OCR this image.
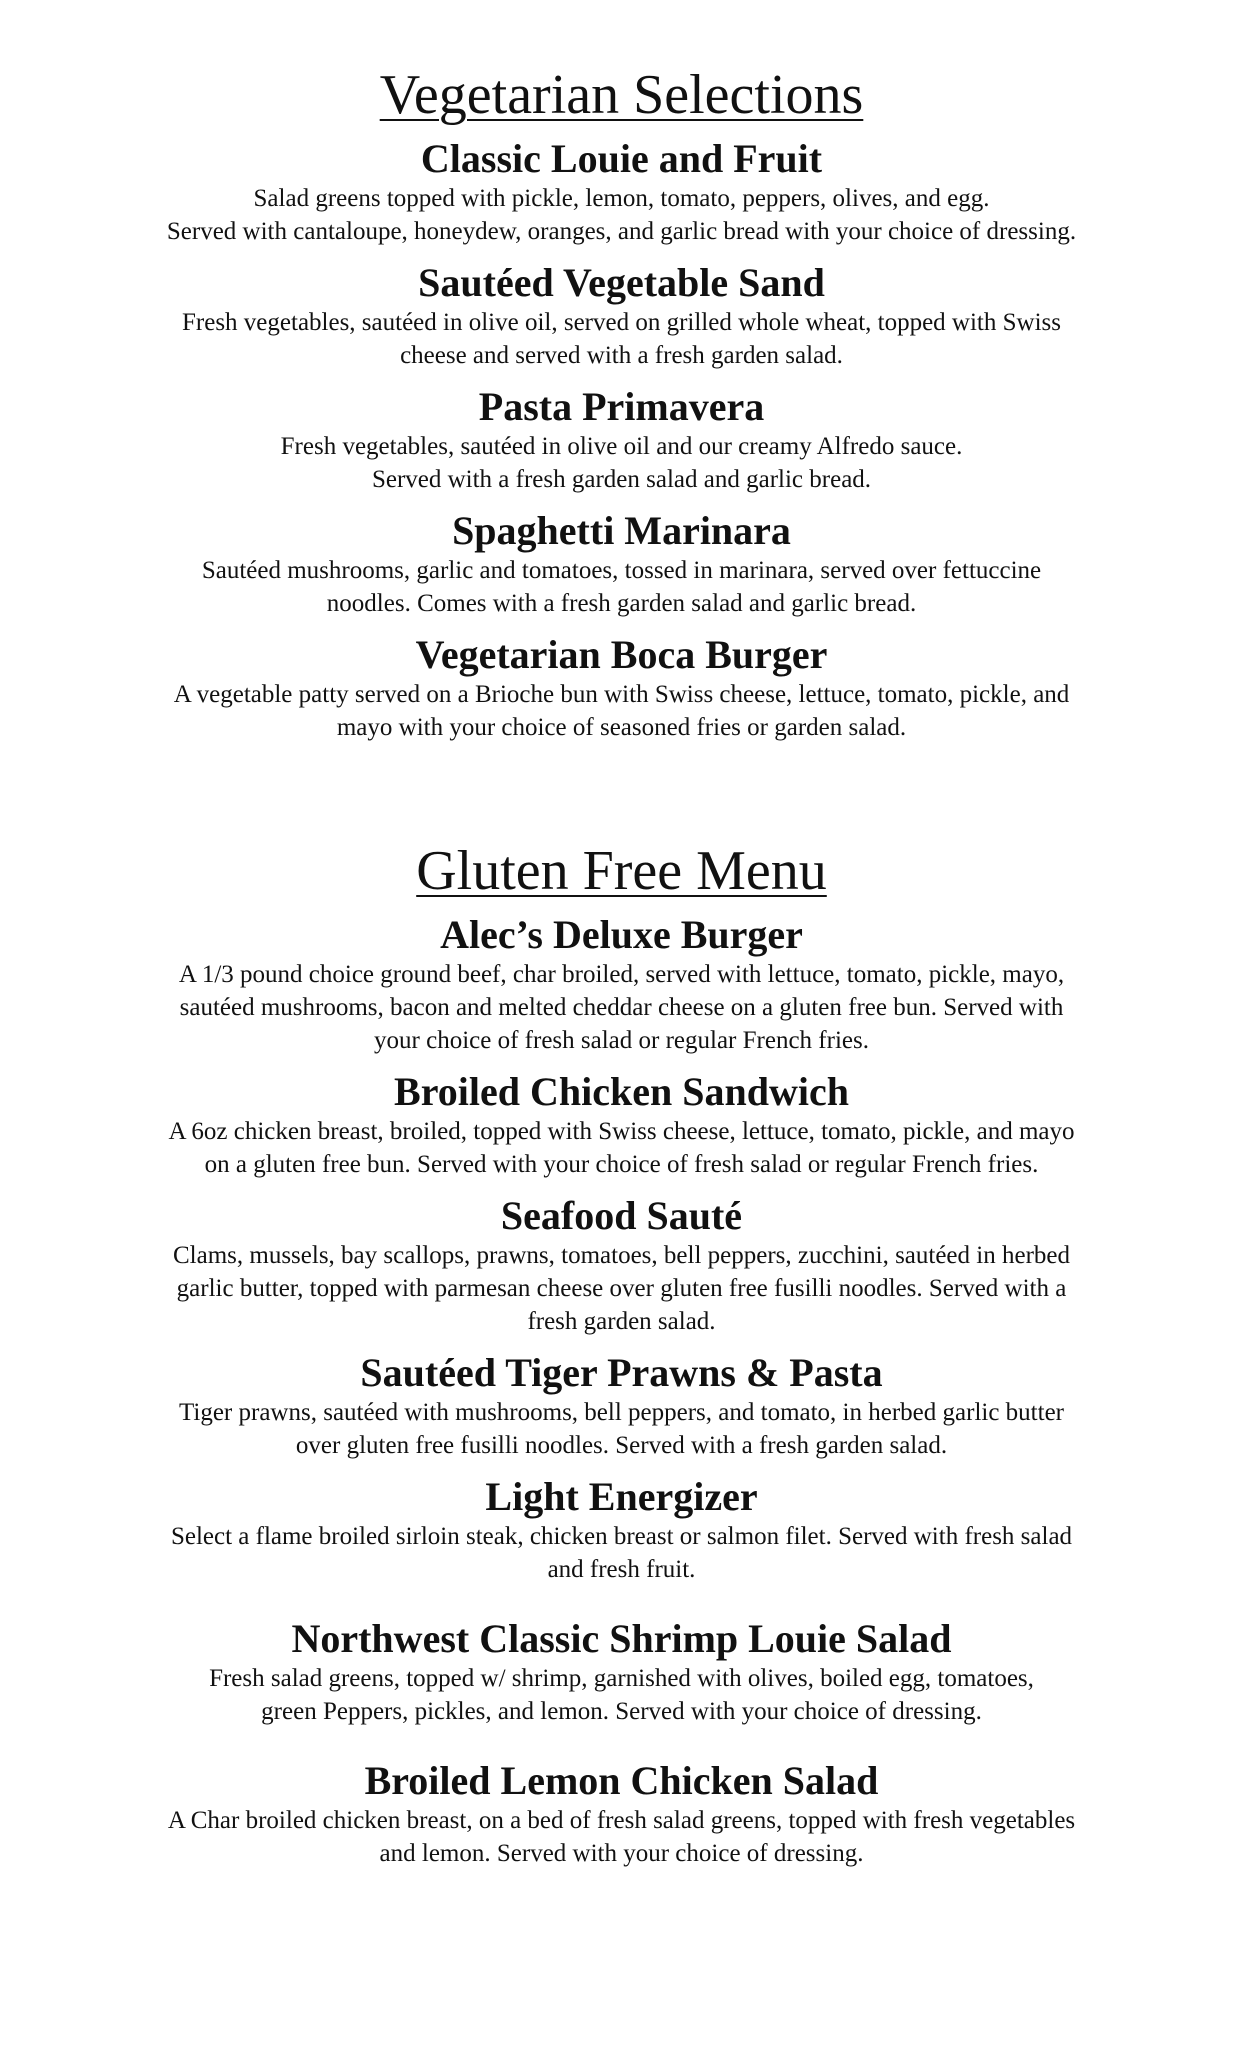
Vegetarian Selections
Classic Louie and Fruit

Salad greens topped with pickle, lemon, tomato, peppers, olives, and egg.
Served with cantaloupe, honeydew, oranges, and garlic bread with your choice of dressing.

Sautéed Vegetable Sand

Fresh vegetables, sautéed in olive oil, served on grilled whole wheat, topped with Swiss
cheese and served with a fresh garden salad.

Pasta Primavera

Fresh vegetables, sautéed in olive oil and our creamy Alfredo sauce.
Served with a fresh garden salad and garlic bread.

Spaghetti Marinara

Sautéed mushrooms, garlic and tomatoes, tossed in marinara, served over fettuccine
noodles. Comes with a fresh garden salad and garlic bread.

Vegetarian Boca Burger

A vegetable patty served on a Brioche bun with Swiss cheese, lettuce, tomato, pickle, and
mayo with your choice of seasoned fries or garden salad.

Gluten Free Menu
Alec’s Deluxe Burger

A 1/3 pound choice ground beef, char broiled, served with lettuce, tomato, pickle, mayo,
sautéed mushrooms, bacon and melted cheddar cheese on a gluten free bun. Served with
your choice of fresh salad or regular French fries.

Broiled Chicken Sandwich

A 6oz chicken breast, broiled, topped with Swiss cheese, lettuce, tomato, pickle, and mayo
on a gluten free bun. Served with your choice of fresh salad or regular French fries.

Seafood Sauté

Clams, mussels, bay scallops, prawns, tomatoes, bell peppers, zucchini, sautéed in herbed
garlic butter, topped with parmesan cheese over gluten free fusilli noodles. Served with a
fresh garden salad.

Sautéed Tiger Prawns & Pasta

Tiger prawns, sautéed with mushrooms, bell peppers, and tomato, in herbed garlic butter
over gluten free fusilli noodles. Served with a fresh garden salad.

Light Energizer

Select a flame broiled sirloin steak, chicken breast or salmon filet. Served with fresh salad
and fresh fruit.

Northwest Classic Shrimp Louie Salad

Fresh salad greens, topped w/ shrimp, garnished with olives, boiled egg, tomatoes,
green Peppers, pickles, and lemon. Served with your choice of dressing.

Broiled Lemon Chicken Salad

A Char broiled chicken breast, on a bed of fresh salad greens, topped with fresh vegetables
and lemon. Served with your choice of dressing.
